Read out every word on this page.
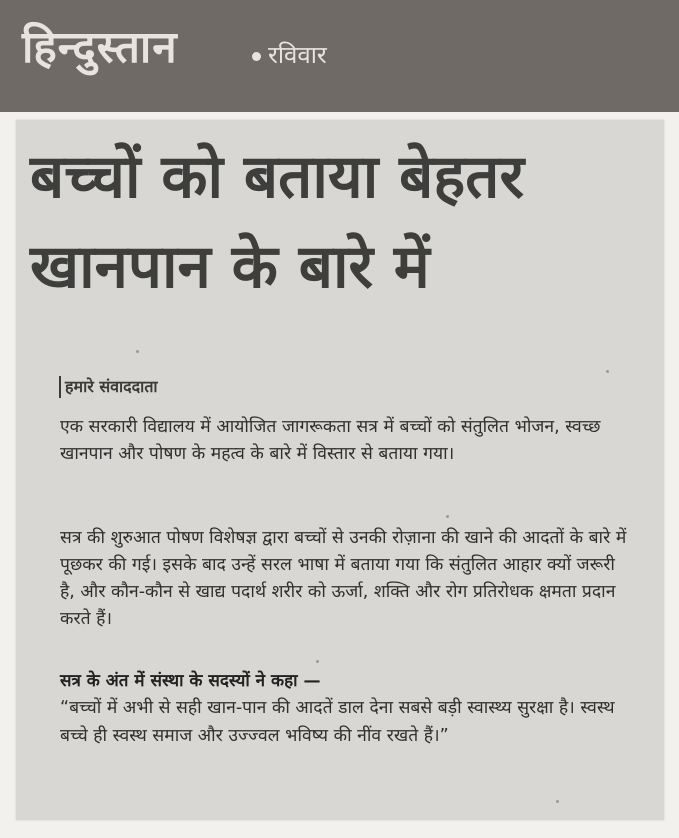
हिन्दुस्तान	रविवार
बच्चों को बताया बेहतर
खानपान के बारे में
हमारे संवाददाता

एक सरकारी विद्यालय में आयोजित जागरूकता सत्र में बच्चों को संतुलित भोजन, स्वच्छ खानपान और पोषण के महत्व के बारे में विस्तार से बताया गया।

सत्र की शुरुआत पोषण विशेषज्ञ द्वारा बच्चों से उनकी रोज़ाना की खाने की आदतों के बारे में पूछकर की गई। इसके बाद उन्हें सरल भाषा में बताया गया कि संतुलित आहार क्यों जरूरी है, और कौन-कौन से खाद्य पदार्थ शरीर को ऊर्जा, शक्ति और रोग प्रतिरोधक क्षमता प्रदान करते हैं।

सत्र के अंत में संस्था के सदस्यों ने कहा —

“बच्चों में अभी से सही खान-पान की आदतें डाल देना सबसे बड़ी स्वास्थ्य सुरक्षा है। स्वस्थ बच्चे ही स्वस्थ समाज और उज्ज्वल भविष्य की नींव रखते हैं।”
